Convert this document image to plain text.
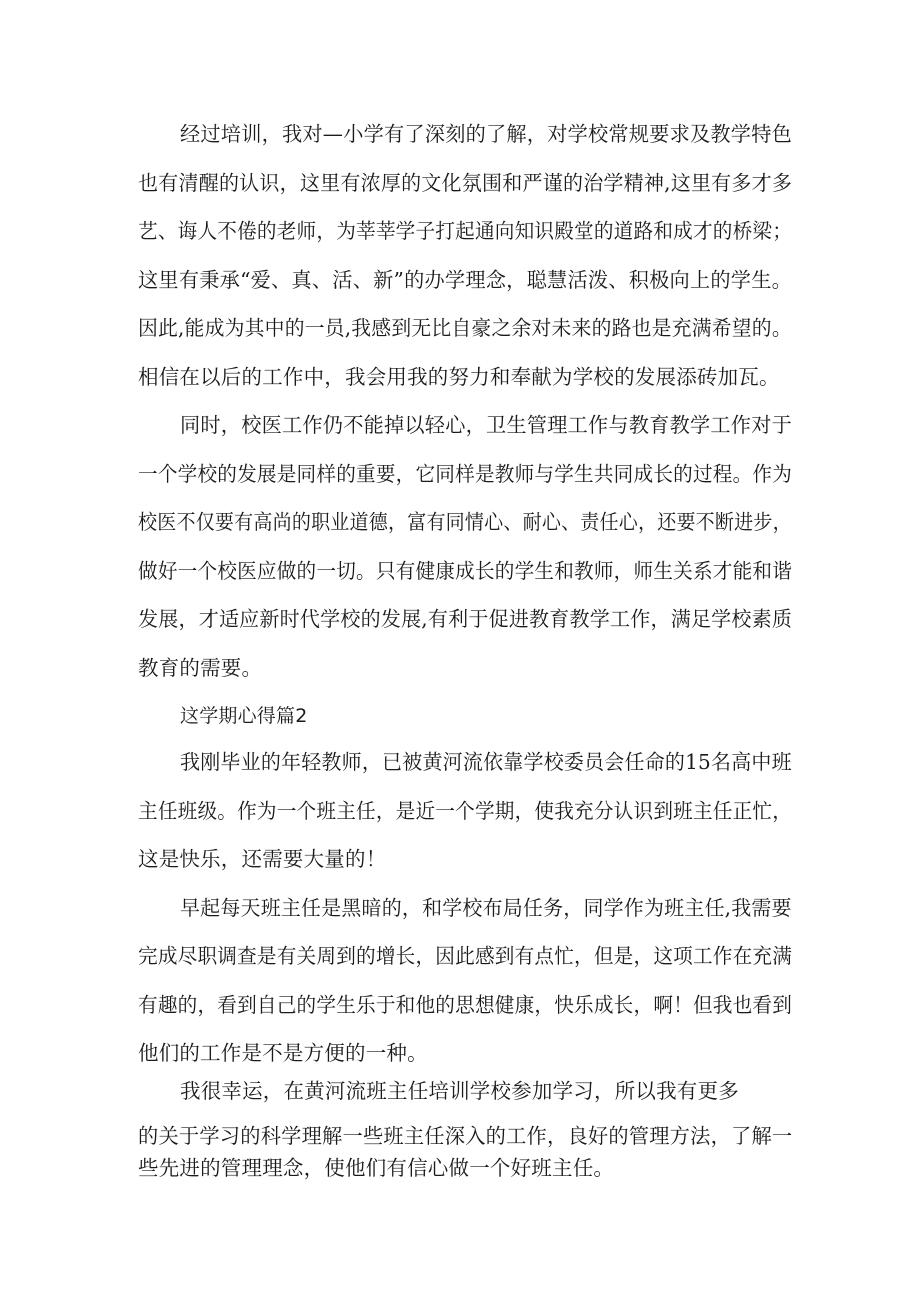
经过培训，我对—小学有了深刻的了解，对学校常规要求及教学特色
也有清醒的认识，这里有浓厚的文化氛围和严谨的治学精神,这里有多才多
艺、诲人不倦的老师，为莘莘学子打起通向知识殿堂的道路和成才的桥梁；
这里有秉承“爱、真、活、新”的办学理念，聪慧活泼、积极向上的学生。
因此,能成为其中的一员,我感到无比自豪之余对未来的路也是充满希望的。
相信在以后的工作中，我会用我的努力和奉献为学校的发展添砖加瓦。
同时，校医工作仍不能掉以轻心，卫生管理工作与教育教学工作对于
一个学校的发展是同样的重要，它同样是教师与学生共同成长的过程。作为
校医不仅要有高尚的职业道德，富有同情心、耐心、责任心，还要不断进步，
做好一个校医应做的一切。只有健康成长的学生和教师，师生关系才能和谐
发展，才适应新时代学校的发展,有利于促进教育教学工作，满足学校素质
教育的需要。
这学期心得篇2
我刚毕业的年轻教师，已被黄河流依靠学校委员会任命的15名高中班
主任班级。作为一个班主任，是近一个学期，使我充分认识到班主任正忙，
这是快乐，还需要大量的！
早起每天班主任是黑暗的，和学校布局任务，同学作为班主任,我需要
完成尽职调查是有关周到的增长，因此感到有点忙，但是，这项工作在充满
有趣的，看到自己的学生乐于和他的思想健康，快乐成长，啊！但我也看到
他们的工作是不是方便的一种。
我很幸运，在黄河流班主任培训学校参加学习，所以我有更多
的关于学习的科学理解一些班主任深入的工作，良好的管理方法，了解一
些先进的管理理念，使他们有信心做一个好班主任。
